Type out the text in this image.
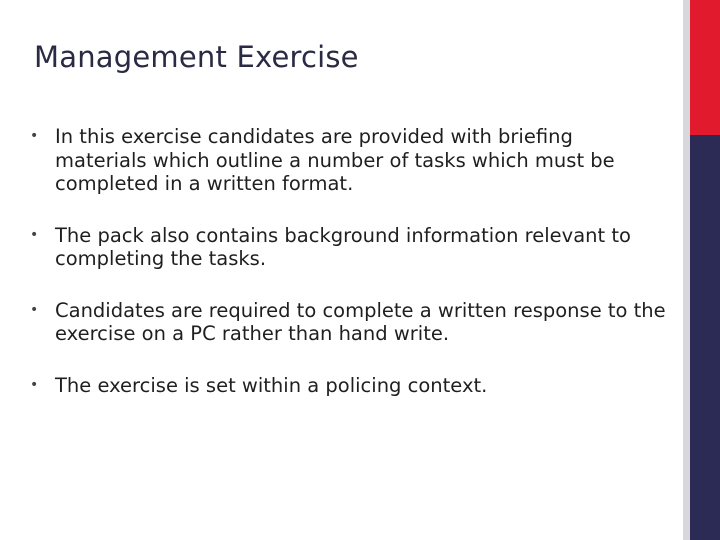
Management Exercise
• In this exercise candidates are provided with briefing materials which outline a number of tasks which must be completed in a written format.
• The pack also contains background information relevant to completing the tasks.
• Candidates are required to complete a written response to the exercise on a PC rather than hand write.
• The exercise is set within a policing context.
